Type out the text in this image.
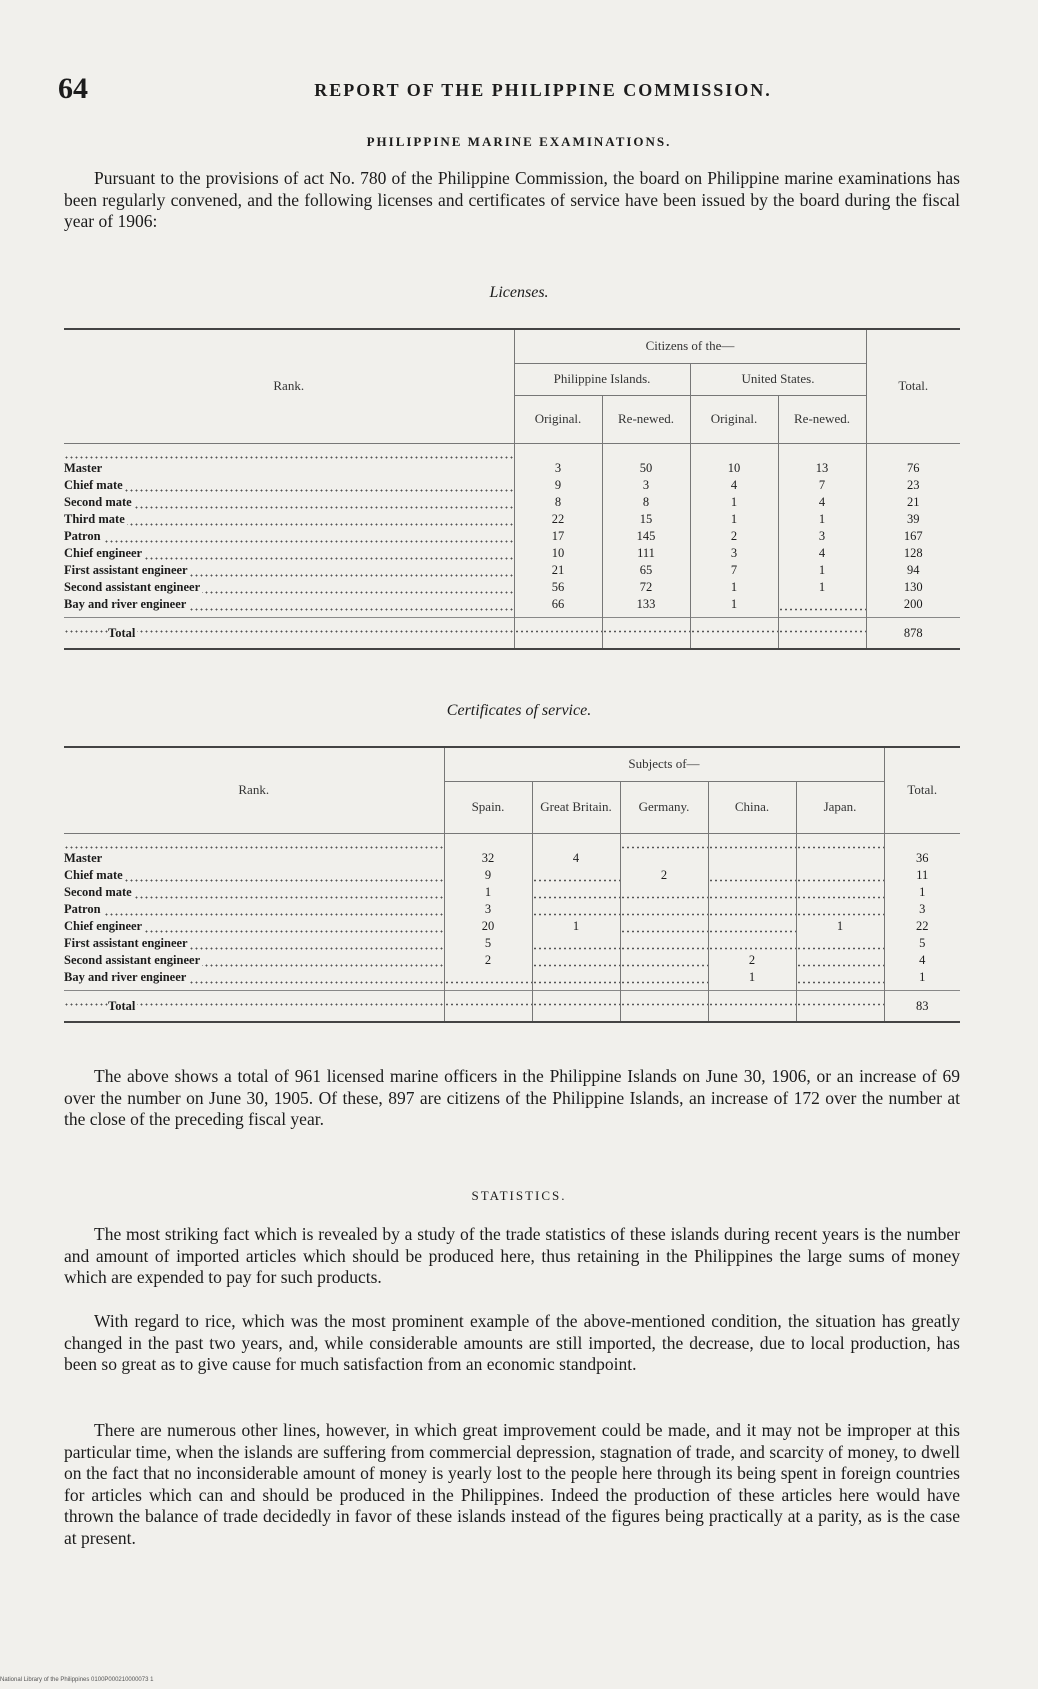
64	REPORT OF THE PHILIPPINE COMMISSION.
PHILIPPINE MARINE EXAMINATIONS.

Pursuant to the provisions of act No. 780 of the Philippine Commission, the board on Philippine marine examinations has been regularly convened, and the following licenses and certificates of service have been issued by the board during the fiscal year of 1906:

Licenses.
Rank.	Citizens of the—				Total.
	Philippine Islands.		United States.		
	Original.	Re-newed.	Original.	Re-newed.	
Master	3	50	10	13	76
Chief mate	9	3	4	7	23
Second mate	8	8	1	4	21
Third mate	22	15	1	1	39
Patron	17	145	2	3	167
Chief engineer	10	111	3	4	128
First assistant engineer	21	65	7	1	94
Second assistant engineer	56	72	1	1	130
Bay and river engineer	66	133	1		200
Total					878
Certificates of service.
Rank.	Subjects of—					Total.
	Spain.	Great Britain.	Germany.	China.	Japan.	
Master	32	4				36
Chief mate	9		2			11
Second mate	1					1
Patron	3					3
Chief engineer	20	1			1	22
First assistant engineer	5					5
Second assistant engineer	2			2		4
Bay and river engineer				1		1
Total						83

The above shows a total of 961 licensed marine officers in the Philippine Islands on June 30, 1906, or an increase of 69 over the number on June 30, 1905. Of these, 897 are citizens of the Philippine Islands, an increase of 172 over the number at the close of the preceding fiscal year.

STATISTICS.

The most striking fact which is revealed by a study of the trade statistics of these islands during recent years is the number and amount of imported articles which should be produced here, thus retaining in the Philippines the large sums of money which are expended to pay for such products.

With regard to rice, which was the most prominent example of the above-mentioned condition, the situation has greatly changed in the past two years, and, while considerable amounts are still imported, the decrease, due to local production, has been so great as to give cause for much satisfaction from an economic standpoint.

There are numerous other lines, however, in which great improvement could be made, and it may not be improper at this particular time, when the islands are suffering from commercial depression, stagnation of trade, and scarcity of money, to dwell on the fact that no inconsiderable amount of money is yearly lost to the people here through its being spent in foreign countries for articles which can and should be produced in the Philippines. Indeed the production of these articles here would have thrown the balance of trade decidedly in favor of these islands instead of the figures being practically at a parity, as is the case at present.

National Library of the Philippines 0100P000210000073 1
